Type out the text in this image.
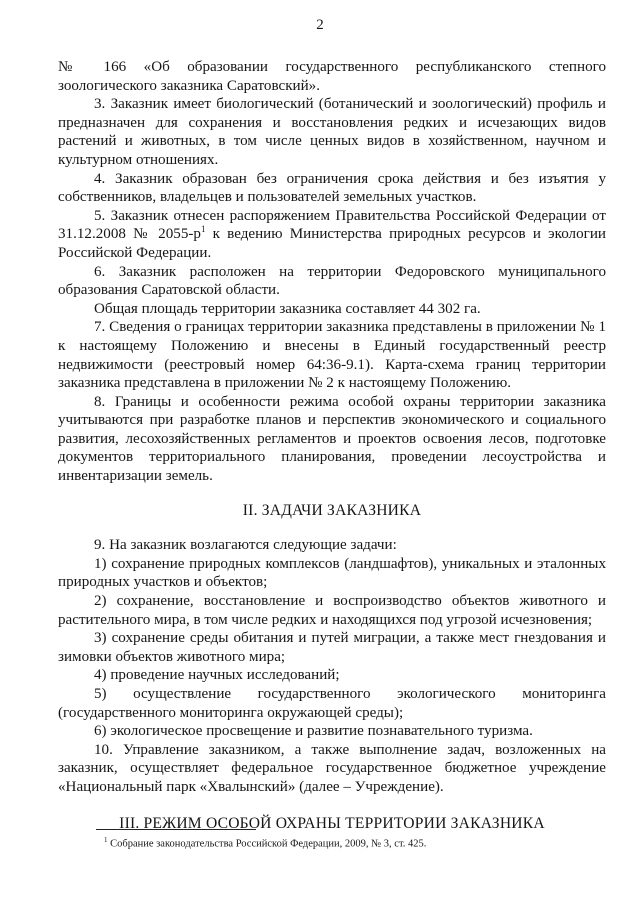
2

№ 166 «Об образовании государственного республиканского степного зоологического заказника Саратовский».

3. Заказник имеет биологический (ботанический и зоологический) профиль и предназначен для сохранения и восстановления редких и исчезающих видов растений и животных, в том числе ценных видов в хозяйственном, научном и культурном отношениях.

4. Заказник образован без ограничения срока действия и без изъятия у собственников, владельцев и пользователей земельных участков.

5. Заказник отнесен распоряжением Правительства Российской Федерации от 31.12.2008 № $2055-р^1$ к ведению Министерства природных ресурсов и экологии Российской Федерации.

6. Заказник расположен на территории Федоровского муниципального образования Саратовской области.

Общая площадь территории заказника составляет 44 302 га.

7. Сведения о границах территории заказника представлены в приложении № 1 к настоящему Положению и внесены в Единый государственный реестр недвижимости (реестровый номер 64:36-9.1). Карта-схема границ территории заказника представлена в приложении № 2 к настоящему Положению.

8. Границы и особенности режима особой охраны территории заказника учитываются при разработке планов и перспектив экономического и социального развития, лесохозяйственных регламентов и проектов освоения лесов, подготовке документов территориального планирования, проведении лесоустройства и инвентаризации земель.

II. ЗАДАЧИ ЗАКАЗНИКА

9. На заказник возлагаются следующие задачи:

1) сохранение природных комплексов (ландшафтов), уникальных и эталонных природных участков и объектов;

2) сохранение, восстановление и воспроизводство объектов животного и растительного мира, в том числе редких и находящихся под угрозой исчезновения;

3) сохранение среды обитания и путей миграции, а также мест гнездования и зимовки объектов животного мира;

4) проведение научных исследований;

5) осуществление государственного экологического мониторинга (государственного мониторинга окружающей среды);

6) экологическое просвещение и развитие познавательного туризма.

10. Управление заказником, а также выполнение задач, возложенных на заказник, осуществляет федеральное государственное бюджетное учреждение «Национальный парк «Хвалынский» (далее – Учреждение).

III. РЕЖИМ ОСОБОЙ ОХРАНЫ ТЕРРИТОРИИ ЗАКАЗНИКА
$^1$ Собрание законодательства Российской Федерации, 2009, № 3, ст. 425.
